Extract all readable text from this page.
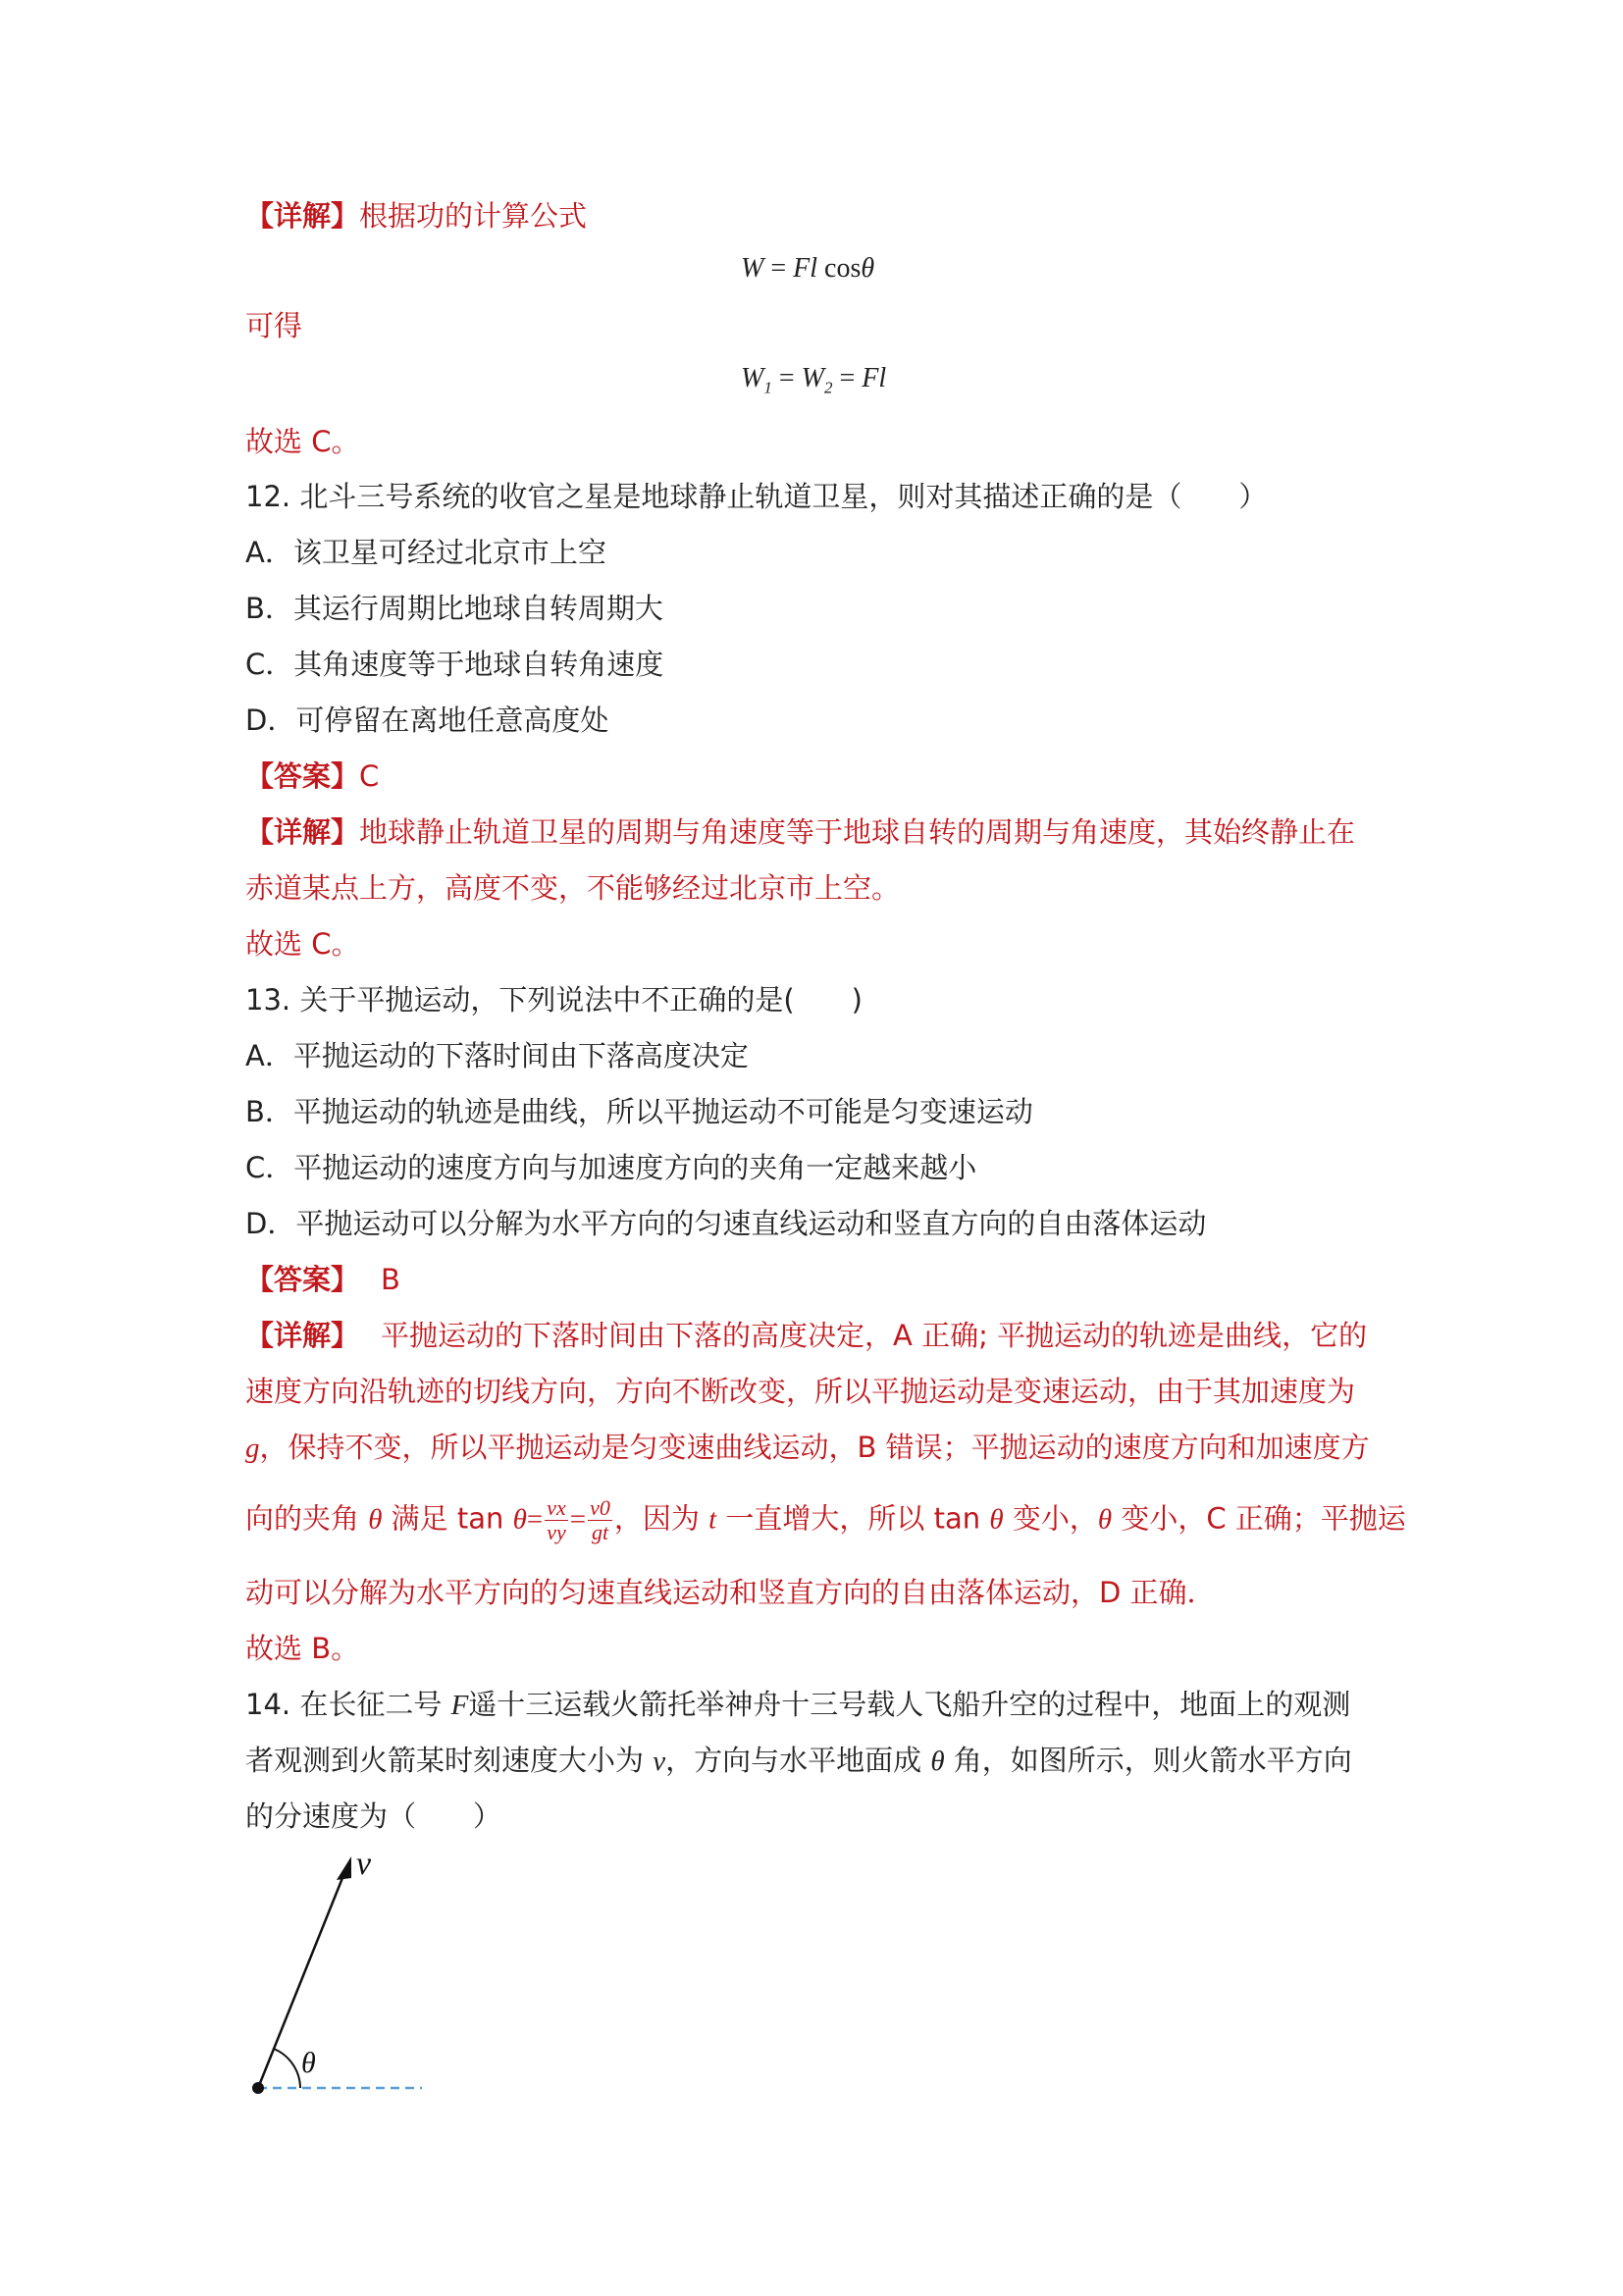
【详解】根据功的计算公式
W = Fl cosθ
可得
$W_1 = W_2 = Fl$
故选 C。
12. 北斗三号系统的收官之星是地球静止轨道卫星，则对其描述正确的是（　　）
A．该卫星可经过北京市上空
B．其运行周期比地球自转周期大
C．其角速度等于地球自转角速度
D．可停留在离地任意高度处
【答案】C
【详解】地球静止轨道卫星的周期与角速度等于地球自转的周期与角速度，其始终静止在
赤道某点上方，高度不变，不能够经过北京市上空。
故选 C。
13. 关于平抛运动，下列说法中不正确的是(　　)
A．平抛运动的下落时间由下落高度决定
B．平抛运动的轨迹是曲线，所以平抛运动不可能是匀变速运动
C．平抛运动的速度方向与加速度方向的夹角一定越来越小
D．平抛运动可以分解为水平方向的匀速直线运动和竖直方向的自由落体运动
【答案】 B
【详解】 平抛运动的下落时间由下落的高度决定，A 正确; 平抛运动的轨迹是曲线，它的
速度方向沿轨迹的切线方向，方向不断改变，所以平抛运动是变速运动，由于其加速度为
g，保持不变，所以平抛运动是匀变速曲线运动，B 错误；平抛运动的速度方向和加速度方
向的夹角 θ 满足 $\tan \theta= \frac{vx}{vy} = \frac{v0}{gt}$ ，因为 t 一直增大，所以 tan θ 变小，θ 变小，C 正确；平抛运
动可以分解为水平方向的匀速直线运动和竖直方向的自由落体运动，D 正确．
故选 B。
14. 在长征二号 F遥十三运载火箭托举神舟十三号载人飞船升空的过程中，地面上的观测
者观测到火箭某时刻速度大小为 v，方向与水平地面成 θ 角，如图所示，则火箭水平方向
的分速度为（　　）
v
θ
